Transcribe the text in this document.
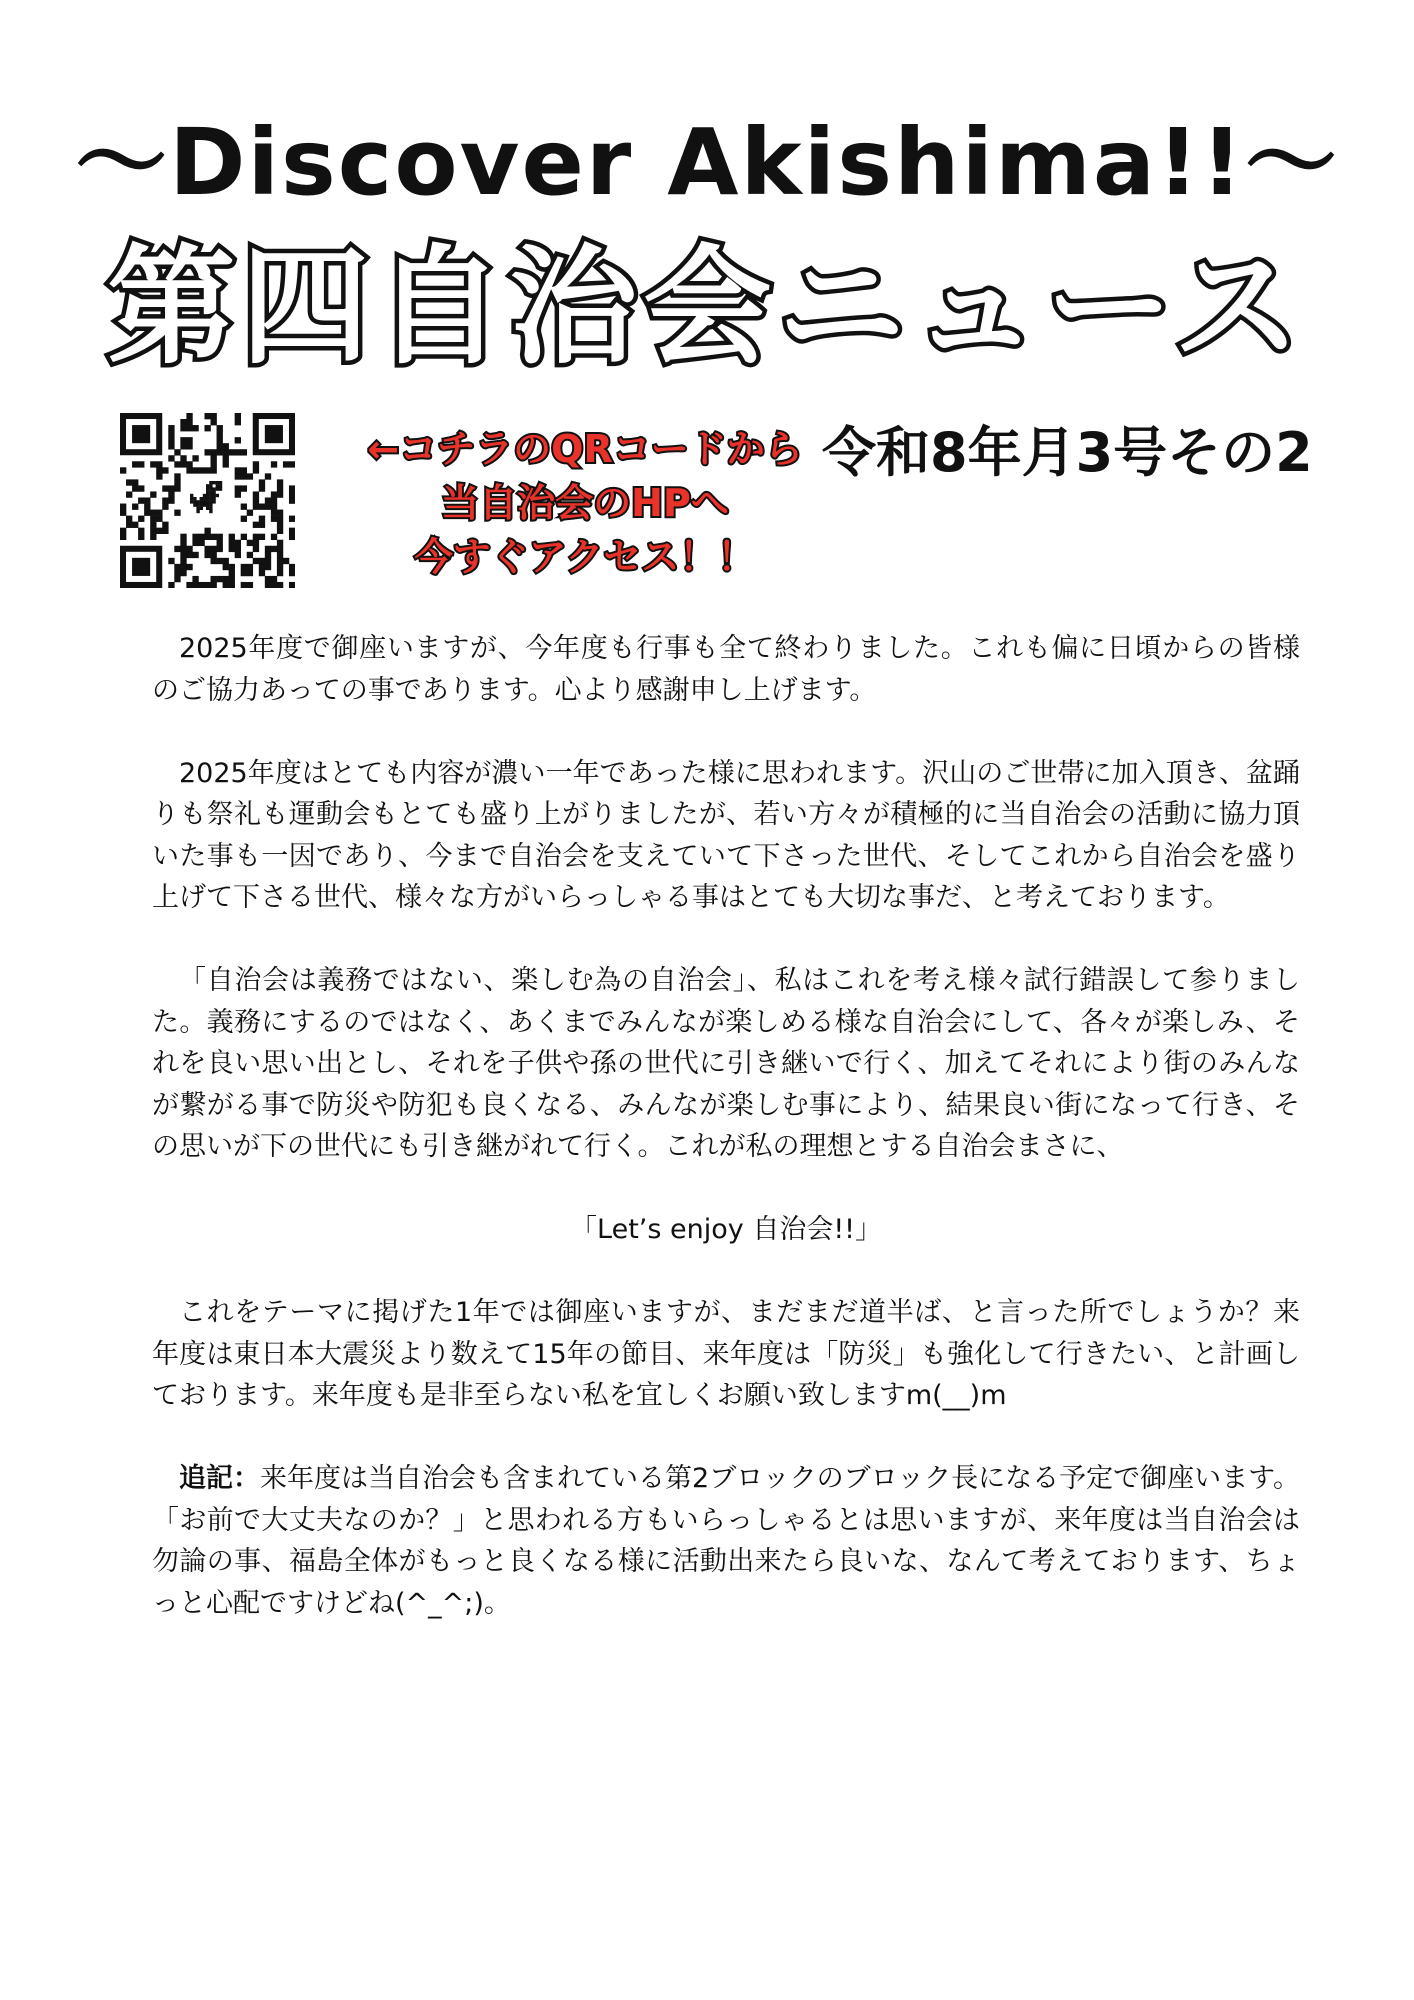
～Discover Akishima!!～
第四自治会ニュース
←コチラのQRコードから
当自治会のHPへ
今すぐアクセス！！
令和8年月3号その2

2025年度で御座いますが、今年度も行事も全て終わりました。これも偏に日頃からの皆様のご協力あっての事であります。心より感謝申し上げます。

2025年度はとても内容が濃い一年であった様に思われます。沢山のご世帯に加入頂き、盆踊りも祭礼も運動会もとても盛り上がりましたが、若い方々が積極的に当自治会の活動に協力頂いた事も一因であり、今まで自治会を支えていて下さった世代、そしてこれから自治会を盛り上げて下さる世代、様々な方がいらっしゃる事はとても大切な事だ、と考えております。

「自治会は義務ではない、楽しむ為の自治会」、私はこれを考え様々試行錯誤して参りました。義務にするのではなく、あくまでみんなが楽しめる様な自治会にして、各々が楽しみ、それを良い思い出とし、それを子供や孫の世代に引き継いで行く、加えてそれにより街のみんなが繋がる事で防災や防犯も良くなる、みんなが楽しむ事により、結果良い街になって行き、その思いが下の世代にも引き継がれて行く。これが私の理想とする自治会まさに、

「Let’s enjoy 自治会!!」

これをテーマに掲げた1年では御座いますが、まだまだ道半ば、と言った所でしょうか？来年度は東日本大震災より数えて15年の節目、来年度は「防災」も強化して行きたい、と計画しております。来年度も是非至らない私を宜しくお願い致しますm(__)m

追記：来年度は当自治会も含まれている第2ブロックのブロック長になる予定で御座います。「お前で大丈夫なのか？」と思われる方もいらっしゃるとは思いますが、来年度は当自治会は勿論の事、福島全体がもっと良くなる様に活動出来たら良いな、なんて考えております、ちょっと心配ですけどね(^_^;)。
